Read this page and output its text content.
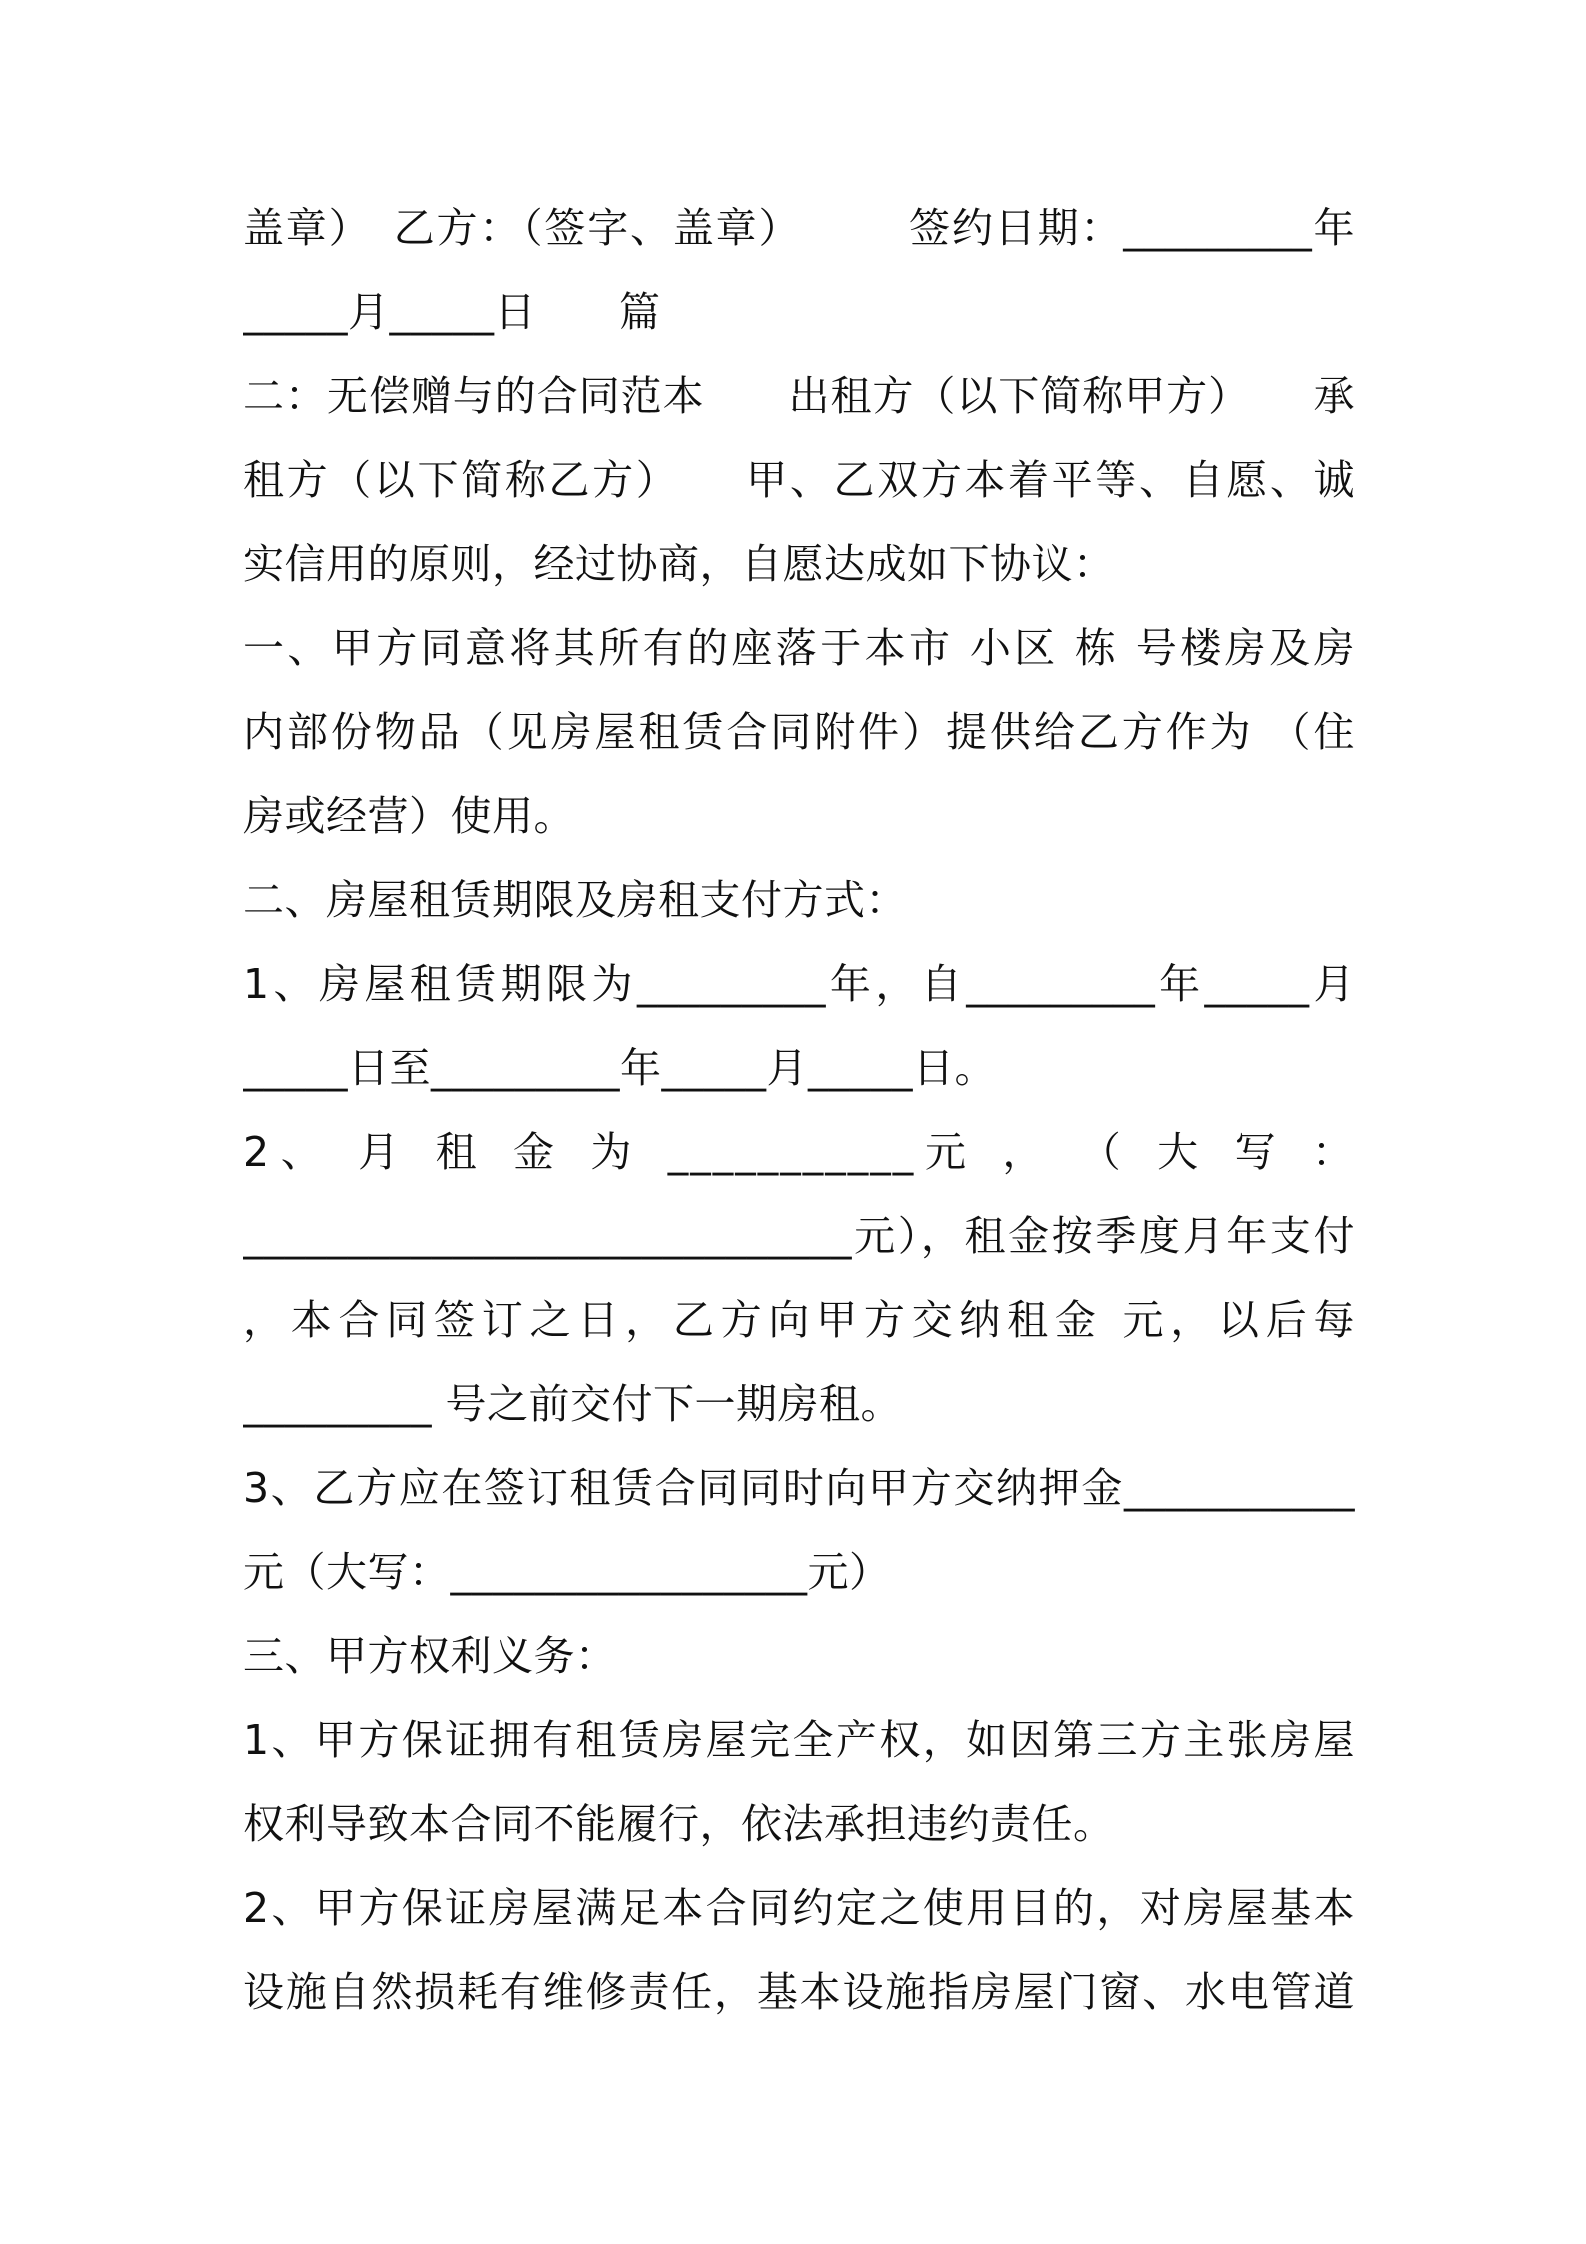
盖章）　乙方：（签字、盖章）　　　签约日期：_________年
_____月_____日　　篇
二：无偿赠与的合同范本　　出租方（以下简称甲方）　　承
租方（以下简称乙方）　　甲、乙双方本着平等、自愿、诚
实信用的原则，经过协商，自愿达成如下协议：
一、甲方同意将其所有的座落于本市 小区 栋 号楼房及房
内部份物品（见房屋租赁合同附件）提供给乙方作为 （住
房或经营）使用。
二、房屋租赁期限及房租支付方式：
1、房屋租赁期限为_________年，自_________年_____月
_____日至_________年_____月_____日。
2、 月 租 金 为 ___________元 ， （ 大 写 ：
_____________________________元），租金按季度月年支付
，本合同签订之日，乙方向甲方交纳租金 元，以后每
_________ 号之前交付下一期房租。
3、乙方应在签订租赁合同同时向甲方交纳押金___________
元（大写：_________________元）
三、甲方权利义务：
1、甲方保证拥有租赁房屋完全产权，如因第三方主张房屋
权利导致本合同不能履行，依法承担违约责任。
2、甲方保证房屋满足本合同约定之使用目的，对房屋基本
设施自然损耗有维修责任，基本设施指房屋门窗、水电管道
